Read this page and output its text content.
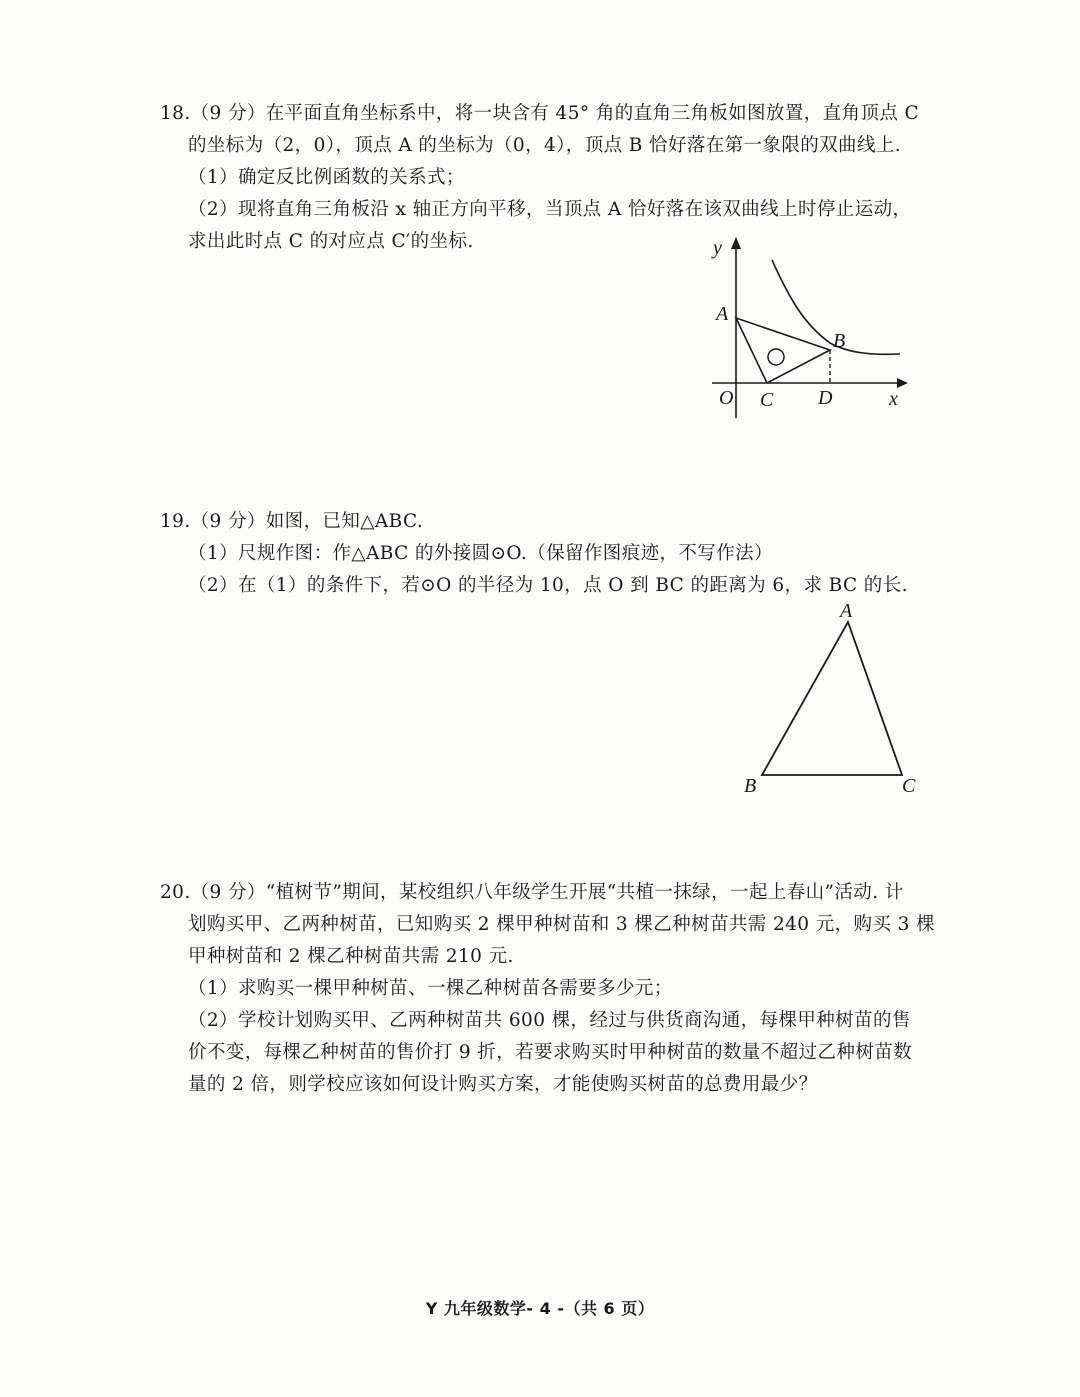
18.（9 分）在平面直角坐标系中，将一块含有 45° 角的直角三角板如图放置，直角顶点 C
的坐标为（2，0），顶点 A 的坐标为（0，4），顶点 B 恰好落在第一象限的双曲线上.
（1）确定反比例函数的关系式；
（2）现将直角三角板沿 x 轴正方向平移，当顶点 A 恰好落在该双曲线上时停止运动，
求出此时点 C 的对应点 C′的坐标.	y
x
O
A
B
C D
19.（9 分）如图，已知△ABC.
（1）尺规作图：作△ABC 的外接圆⊙O.（保留作图痕迹，不写作法）
（2）在（1）的条件下，若⊙O 的半径为 10，点 O 到 BC 的距离为 6，求 BC 的长.
A
B	C
20.（9 分）“植树节”期间，某校组织八年级学生开展“共植一抹绿，一起上春山”活动. 计
划购买甲、乙两种树苗，已知购买 2 棵甲种树苗和 3 棵乙种树苗共需 240 元，购买 3 棵
甲种树苗和 2 棵乙种树苗共需 210 元.
（1）求购买一棵甲种树苗、一棵乙种树苗各需要多少元；
（2）学校计划购买甲、乙两种树苗共 600 棵，经过与供货商沟通，每棵甲种树苗的售
价不变，每棵乙种树苗的售价打 9 折，若要求购买时甲种树苗的数量不超过乙种树苗数
量的 2 倍，则学校应该如何设计购买方案，才能使购买树苗的总费用最少？
Y 九年级数学- 4 -（共 6 页）
